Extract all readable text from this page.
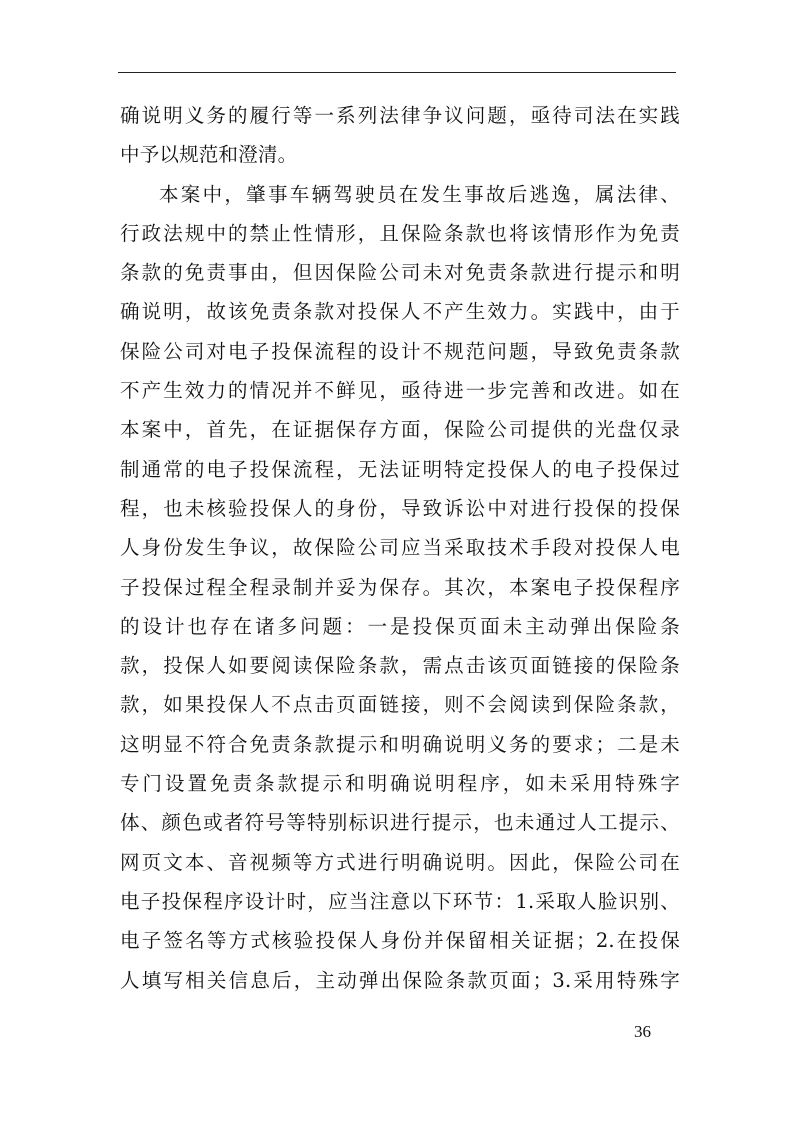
确说明义务的履行等一系列法律争议问题，亟待司法在实践
中予以规范和澄清。
本案中，肇事车辆驾驶员在发生事故后逃逸，属法律、
行政法规中的禁止性情形，且保险条款也将该情形作为免责
条款的免责事由，但因保险公司未对免责条款进行提示和明
确说明，故该免责条款对投保人不产生效力。实践中，由于
保险公司对电子投保流程的设计不规范问题，导致免责条款
不产生效力的情况并不鲜见，亟待进一步完善和改进。如在
本案中，首先，在证据保存方面，保险公司提供的光盘仅录
制通常的电子投保流程，无法证明特定投保人的电子投保过
程，也未核验投保人的身份，导致诉讼中对进行投保的投保
人身份发生争议，故保险公司应当采取技术手段对投保人电
子投保过程全程录制并妥为保存。其次，本案电子投保程序
的设计也存在诸多问题：一是投保页面未主动弹出保险条
款，投保人如要阅读保险条款，需点击该页面链接的保险条
款，如果投保人不点击页面链接，则不会阅读到保险条款，
这明显不符合免责条款提示和明确说明义务的要求；二是未
专门设置免责条款提示和明确说明程序，如未采用特殊字
体、颜色或者符号等特别标识进行提示，也未通过人工提示、
网页文本、音视频等方式进行明确说明。因此，保险公司在
电子投保程序设计时，应当注意以下环节：1.采取人脸识别、
电子签名等方式核验投保人身份并保留相关证据；2.在投保
人填写相关信息后，主动弹出保险条款页面；3.采用特殊字
36
